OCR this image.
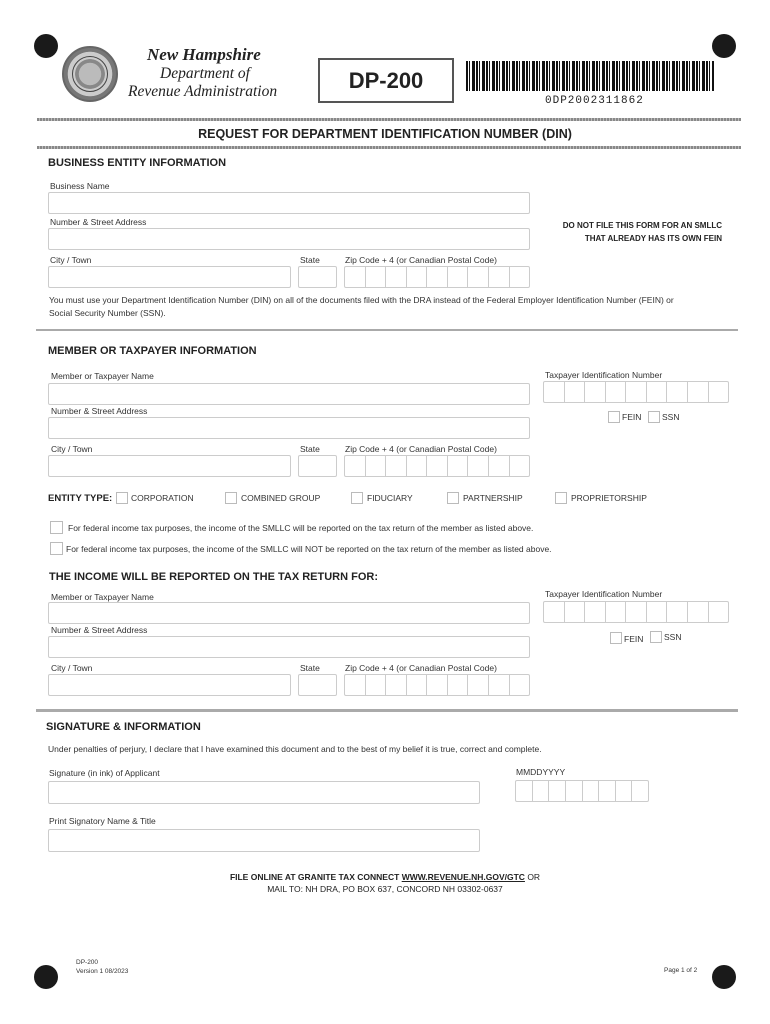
New Hampshire
Department of
Revenue Administration	DP-200
0DP2002311862
REQUEST FOR DEPARTMENT IDENTIFICATION NUMBER (DIN)
BUSINESS ENTITY INFORMATION
Business Name
Number & Street Address	DO NOT FILE THIS FORM FOR AN SMLLC
THAT ALREADY HAS ITS OWN FEIN
City / Town	State	Zip Code + 4 (or Canadian Postal Code)
You must use your Department Identification Number (DIN) on all of the documents filed with the DRA instead of the Federal Employer Identification Number (FEIN) or
Social Security Number (SSN).
MEMBER OR TAXPAYER INFORMATION
Member or Taxpayer Name	Taxpayer Identification Number
Number & Street Address
FEIN SSN
City / Town	State	Zip Code + 4 (or Canadian Postal Code)
ENTITY TYPE: CORPORATION	COMBINED GROUP	FIDUCIARY	PARTNERSHIP	PROPRIETORSHIP
For federal income tax purposes, the income of the SMLLC will be reported on the tax return of the member as listed above.
For federal income tax purposes, the income of the SMLLC will NOT be reported on the tax return of the member as listed above.
THE INCOME WILL BE REPORTED ON THE TAX RETURN FOR:
Member or Taxpayer Name	Taxpayer Identification Number
Number & Street Address
FEIN SSN
City / Town	State	Zip Code + 4 (or Canadian Postal Code)
SIGNATURE & INFORMATION
Under penalties of perjury, I declare that I have examined this document and to the best of my belief it is true, correct and complete.
Signature (in ink) of Applicant	MMDDYYYY
Print Signatory Name & Title
FILE ONLINE AT GRANITE TAX CONNECT WWW.REVENUE.NH.GOV/GTC OR
MAIL TO: NH DRA, PO BOX 637, CONCORD NH 03302-0637
DP-200
Version 1 08/2023	Page 1 of 2
